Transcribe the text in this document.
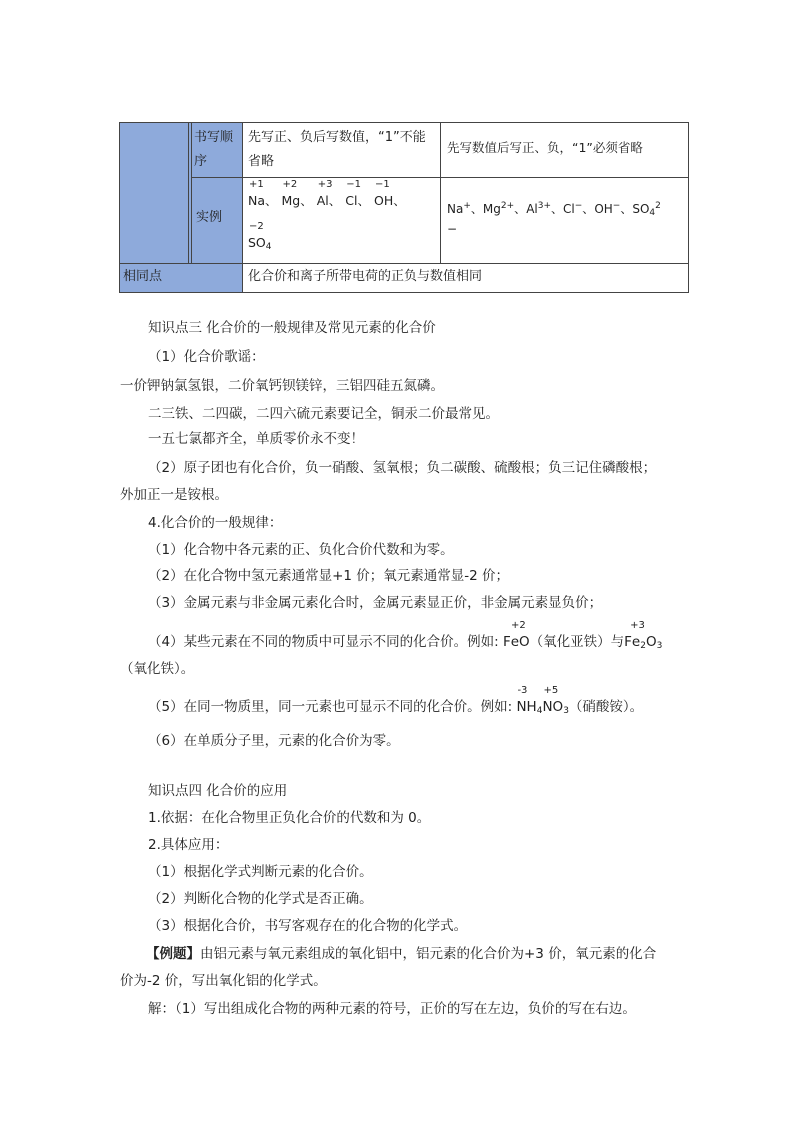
书写顺序
先写正、负后写数值，“1”不能省略
先写数值后写正、负，“1”必须省略
实例
+1
Na、
+2
Mg、
+3
Al、
−1
Cl、
−1
OH、
−2
$SO_4$
Na+、$Mg^{2+}$、$Al^{3+}$、Cl−、OH−、$SO_4^2$
−
相同点	化合价和离子所带电荷的正负与数值相同
知识点三 化合价的一般规律及常见元素的化合价
（1）化合价歌谣：
一价钾钠氯氢银，二价氧钙钡镁锌，三铝四硅五氮磷。
二三铁、二四碳，二四六硫元素要记全，铜汞二价最常见。
一五七氯都齐全，单质零价永不变！
（2）原子团也有化合价，负一硝酸、氢氧根；负二碳酸、硫酸根；负三记住磷酸根；
外加正一是铵根。
4.化合价的一般规律：
（1）化合物中各元素的正、负化合价代数和为零。
（2）在化合物中氢元素通常显+1 价；氧元素通常显-2 价；
（3）金属元素与非金属元素化合时，金属元素显正价，非金属元素显负价；
（4）某些元素在不同的物质中可显示不同的化合价。例如:
+2
FeO（氧化亚铁）与
+3
$Fe_2O_3$
（氧化铁）。
（5）在同一物质里，同一元素也可显示不同的化合价。例如:
-3
$NH_4$
+5
$NO_3$（硝酸铵）。
（6）在单质分子里，元素的化合价为零。
知识点四 化合价的应用
1.依据：在化合物里正负化合价的代数和为 0。
2.具体应用：
（1）根据化学式判断元素的化合价。
（2）判断化合物的化学式是否正确。
（3）根据化合价，书写客观存在的化合物的化学式。
【例题】由铝元素与氧元素组成的氧化铝中，铝元素的化合价为+3 价，氧元素的化合
价为-2 价，写出氧化铝的化学式。
解：（1）写出组成化合物的两种元素的符号，正价的写在左边，负价的写在右边。
